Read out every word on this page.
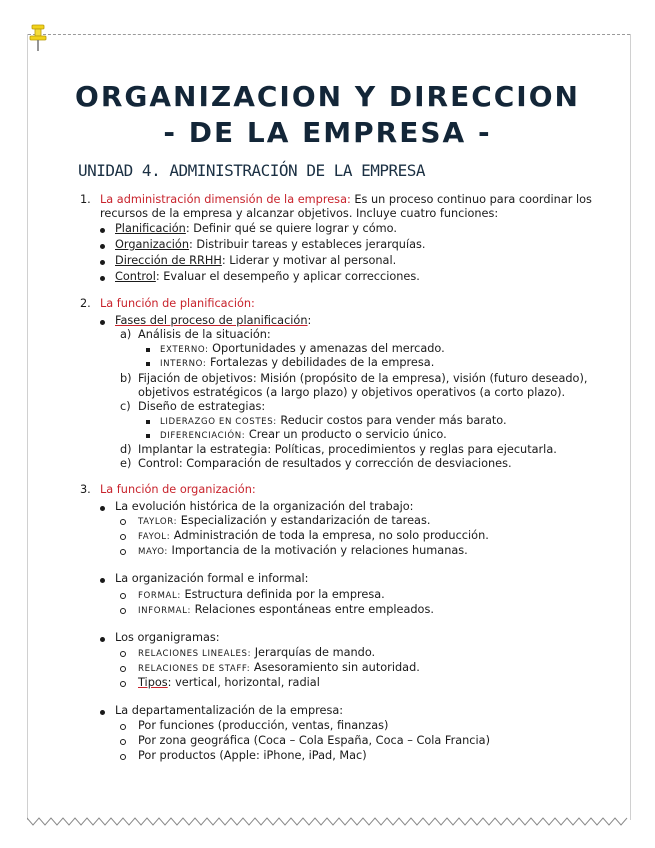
ORGANIZACION Y DIRECCION
- DE LA EMPRESA -
UNIDAD 4. ADMINISTRACIÓN DE LA EMPRESA
1. La administración dimensión de la empresa: Es un proceso continuo para coordinar los
recursos de la empresa y alcanzar objetivos. Incluye cuatro funciones:
Planificación: Definir qué se quiere lograr y cómo.
Organización: Distribuir tareas y estableces jerarquías.
Dirección de RRHH: Liderar y motivar al personal.
Control: Evaluar el desempeño y aplicar correcciones.
2. La función de planificación:
Fases del proceso de planificación:
a) Análisis de la situación:
EXTERNO: Oportunidades y amenazas del mercado.
INTERNO: Fortalezas y debilidades de la empresa.
b) Fijación de objetivos: Misión (propósito de la empresa), visión (futuro deseado),
objetivos estratégicos (a largo plazo) y objetivos operativos (a corto plazo).
c) Diseño de estrategias:
LIDERAZGO EN COSTES: Reducir costos para vender más barato.
DIFERENCIACIÓN: Crear un producto o servicio único.
d) Implantar la estrategia: Políticas, procedimientos y reglas para ejecutarla.
e) Control: Comparación de resultados y corrección de desviaciones.
3. La función de organización:
La evolución histórica de la organización del trabajo:
TAYLOR: Especialización y estandarización de tareas.
FAYOL: Administración de toda la empresa, no solo producción.
MAYO: Importancia de la motivación y relaciones humanas.
La organización formal e informal:
FORMAL: Estructura definida por la empresa.
INFORMAL: Relaciones espontáneas entre empleados.
Los organigramas:
RELACIONES LINEALES: Jerarquías de mando.
RELACIONES DE STAFF: Asesoramiento sin autoridad.
Tipos: vertical, horizontal, radial
La departamentalización de la empresa:
Por funciones (producción, ventas, finanzas)
Por zona geográfica (Coca – Cola España, Coca – Cola Francia)
Por productos (Apple: iPhone, iPad, Mac)
